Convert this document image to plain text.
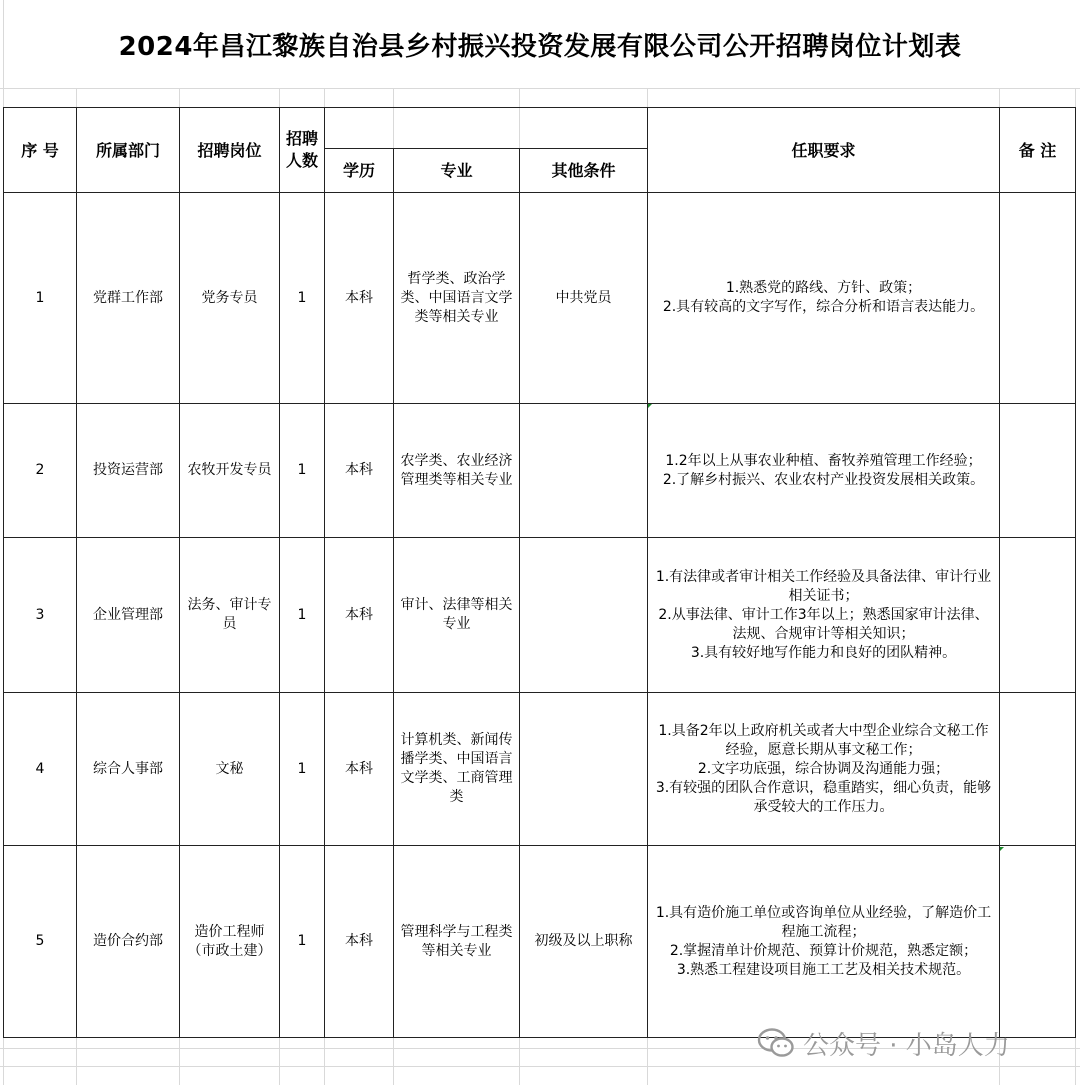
2024年昌江黎族自治县乡村振兴投资发展有限公司公开招聘岗位计划表
序 号	所属部门	招聘岗位	招聘人数				任职要求	备 注
				学历	专业	其他条件		
1	党群工作部	党务专员	1	本科	哲学类、政治学类、中国语言文学类等相关专业	中共党员	1.熟悉党的路线、方针、政策；
2.具有较高的文字写作，综合分析和语言表达能力。	

2	投资运营部	农牧开发专员	1	本科	农学类、农业经济管理类等相关专业		1.2年以上从事农业种植、畜牧养殖管理工作经验；
2.了解乡村振兴、农业农村产业投资发展相关政策。	

3	企业管理部	法务、审计专员	1	本科	审计、法律等相关专业		1.有法律或者审计相关工作经验及具备法律、审计行业相关证书；
2.从事法律、审计工作3年以上；熟悉国家审计法律、法规、合规审计等相关知识；
3.具有较好地写作能力和良好的团队精神。	

4	综合人事部	文秘	1	本科	计算机类、新闻传播学类、中国语言文学类、工商管理类		1.具备2年以上政府机关或者大中型企业综合文秘工作经验，愿意长期从事文秘工作；
2.文字功底强，综合协调及沟通能力强；
3.有较强的团队合作意识，稳重踏实，细心负责，能够承受较大的工作压力。	

5	造价合约部	造价工程师（市政土建）	1	本科	管理科学与工程类等相关专业	初级及以上职称	1.具有造价施工单位或咨询单位从业经验，了解造价工程施工流程；
2.掌握清单计价规范、预算计价规范，熟悉定额；
3.熟悉工程建设项目施工工艺及相关技术规范。	

公众号 · 小岛人力
